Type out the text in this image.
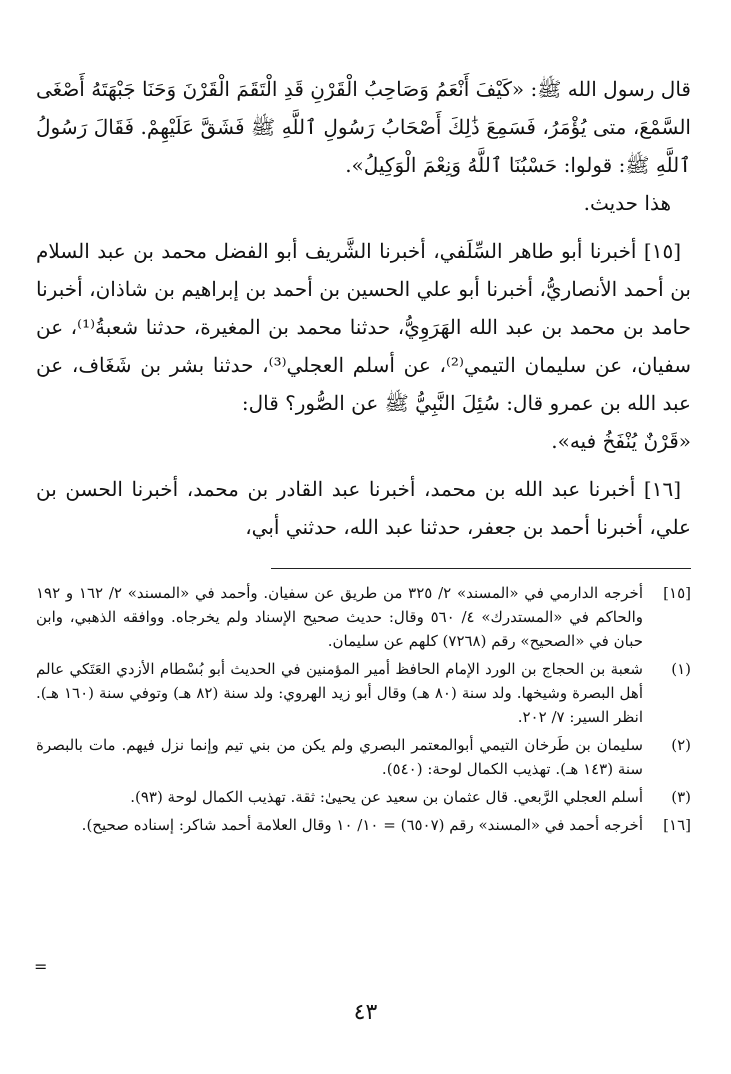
قال رسول الله ﷺ: «كَيْفَ أَنْعَمُ وَصَاحِبُ الْقَرْنِ قَدِ الْتَقَمَ الْقَرْنَ وَحَنَا جَبْهَتَهُ أَصْغَى السَّمْعَ، متى يُؤْمَرُ، فَسَمِعَ ذَٰلِكَ أَصْحَابُ رَسُولِ ٱللَّهِ ﷺ فَشَقَّ عَلَيْهِمْ. فَقَالَ رَسُولُ ٱللَّهِ ﷺ: قولوا: حَسْبُنَا ٱللَّهُ وَنِعْمَ الْوَكِيلُ».

هذا حديث.

[١٥] أخبرنا أبو طاهر السِّلَفي، أخبرنا الشَّريف أبو الفضل محمد بن عبد السلام بن أحمد الأنصاريُّ، أخبرنا أبو علي الحسين بن أحمد بن إبراهيم بن شاذان، أخبرنا حامد بن محمد بن عبد الله الهَرَوِيُّ، حدثنا محمد بن المغيرة، حدثنا شعبةُ⁽¹⁾، عن سفيان، عن سليمان التيمي⁽²⁾، عن أسلم العجلي⁽³⁾، حدثنا بشر بن شَغَاف، عن عبد الله بن عمرو قال: سُئِلَ النَّبِيُّ ﷺ عن الصُّور؟ قال:

«قَرْنٌ يُنْفَخُ فيه».

[١٦] أخبرنا عبد الله بن محمد، أخبرنا عبد القادر بن محمد، أخبرنا الحسن بن علي، أخبرنا أحمد بن جعفر، حدثنا عبد الله، حدثني أبي،

[١٥]
أخرجه الدارمي في «المسند» ٢/ ٣٢٥ من طريق عن سفيان. وأحمد في «المسند» ٢/ ١٦٢ و ١٩٢ والحاكم في «المستدرك» ٤/ ٥٦٠ وقال: حديث صحيح الإسناد ولم يخرجاه. ووافقه الذهبي، وابن حبان في «الصحيح» رقم (٧٢٦٨) كلهم عن سليمان.
(١)
شعبة بن الحجاج بن الورد الإمام الحافظ أمير المؤمنين في الحديث أبو بُسْطام الأزدي العَتَكي عالم أهل البصرة وشيخها. ولد سنة (٨٠ هـ) وقال أبو زيد الهروي: ولد سنة (٨٢ هـ) وتوفي سنة (١٦٠ هـ). انظر السير: ٧/ ٢٠٢.
(٢)
سليمان بن طَرخان التيمي أبوالمعتمر البصري ولم يكن من بني تيم وإنما نزل فيهم. مات بالبصرة سنة (١٤٣ هـ). تهذيب الكمال لوحة: (٥٤٠).
(٣)
أسلم العجلي الرَّبعي. قال عثمان بن سعيد عن يحيىٰ: ثقة. تهذيب الكمال لوحة (٩٣).
[١٦]
أخرجه أحمد في «المسند» رقم (٦٥٠٧) = ١٠/ ١٠ وقال العلامة أحمد شاكر: إسناده صحيح).
=
٤٣
